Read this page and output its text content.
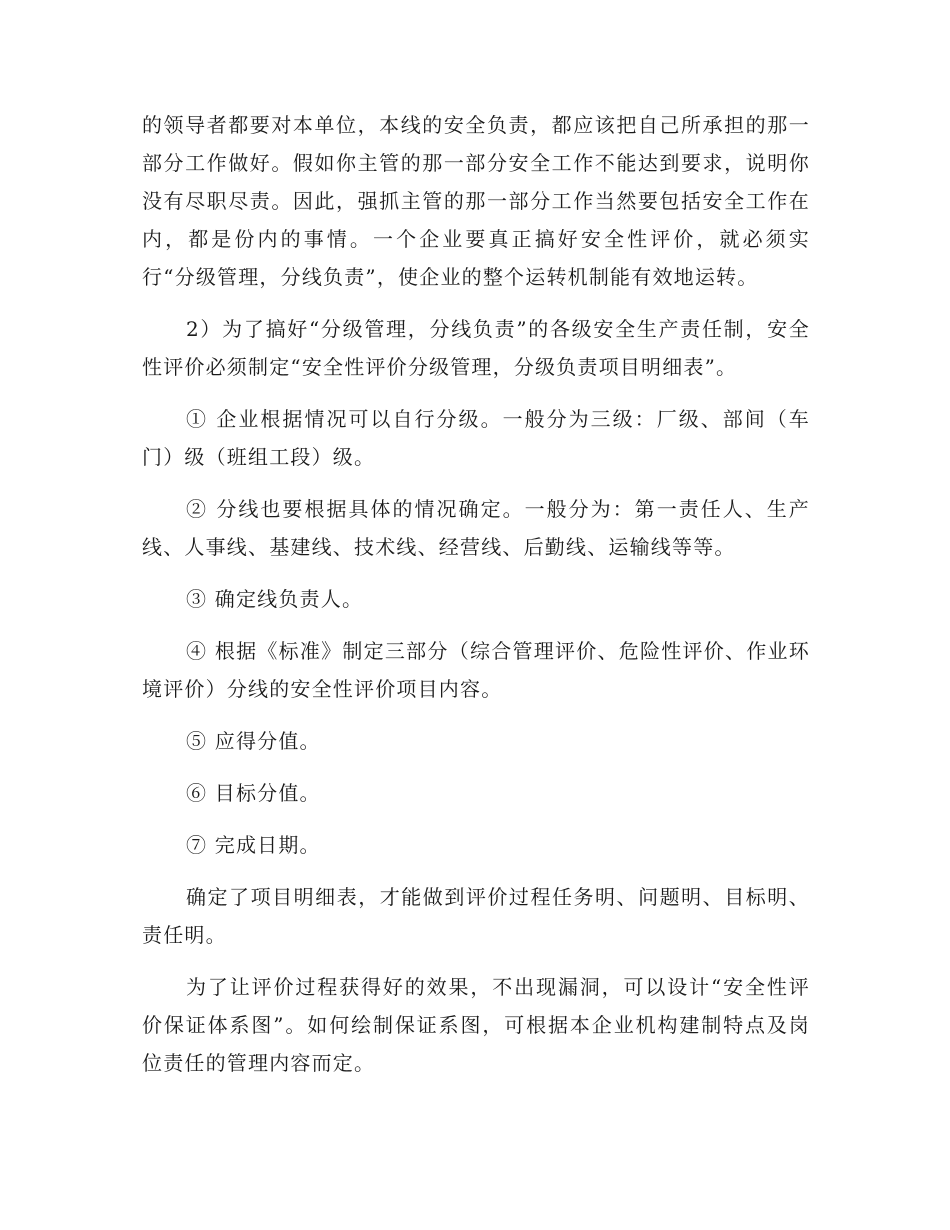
的领导者都要对本单位，本线的安全负责，都应该把自己所承担的那一部分工作做好。假如你主管的那一部分安全工作不能达到要求，说明你没有尽职尽责。因此，强抓主管的那一部分工作当然要包括安全工作在内，都是份内的事情。一个企业要真正搞好安全性评价，就必须实行“分级管理，分线负责”，使企业的整个运转机制能有效地运转。

2）为了搞好“分级管理，分线负责”的各级安全生产责任制，安全性评价必须制定“安全性评价分级管理，分级负责项目明细表”。

① 企业根据情况可以自行分级。一般分为三级：厂级、部间（车门）级（班组工段）级。

② 分线也要根据具体的情况确定。一般分为：第一责任人、生产线、人事线、基建线、技术线、经营线、后勤线、运输线等等。

③ 确定线负责人。

④ 根据《标准》制定三部分（综合管理评价、危险性评价、作业环境评价）分线的安全性评价项目内容。

⑤ 应得分值。

⑥ 目标分值。

⑦ 完成日期。

确定了项目明细表，才能做到评价过程任务明、问题明、目标明、责任明。

为了让评价过程获得好的效果，不出现漏洞，可以设计“安全性评价保证体系图”。如何绘制保证系图，可根据本企业机构建制特点及岗位责任的管理内容而定。
